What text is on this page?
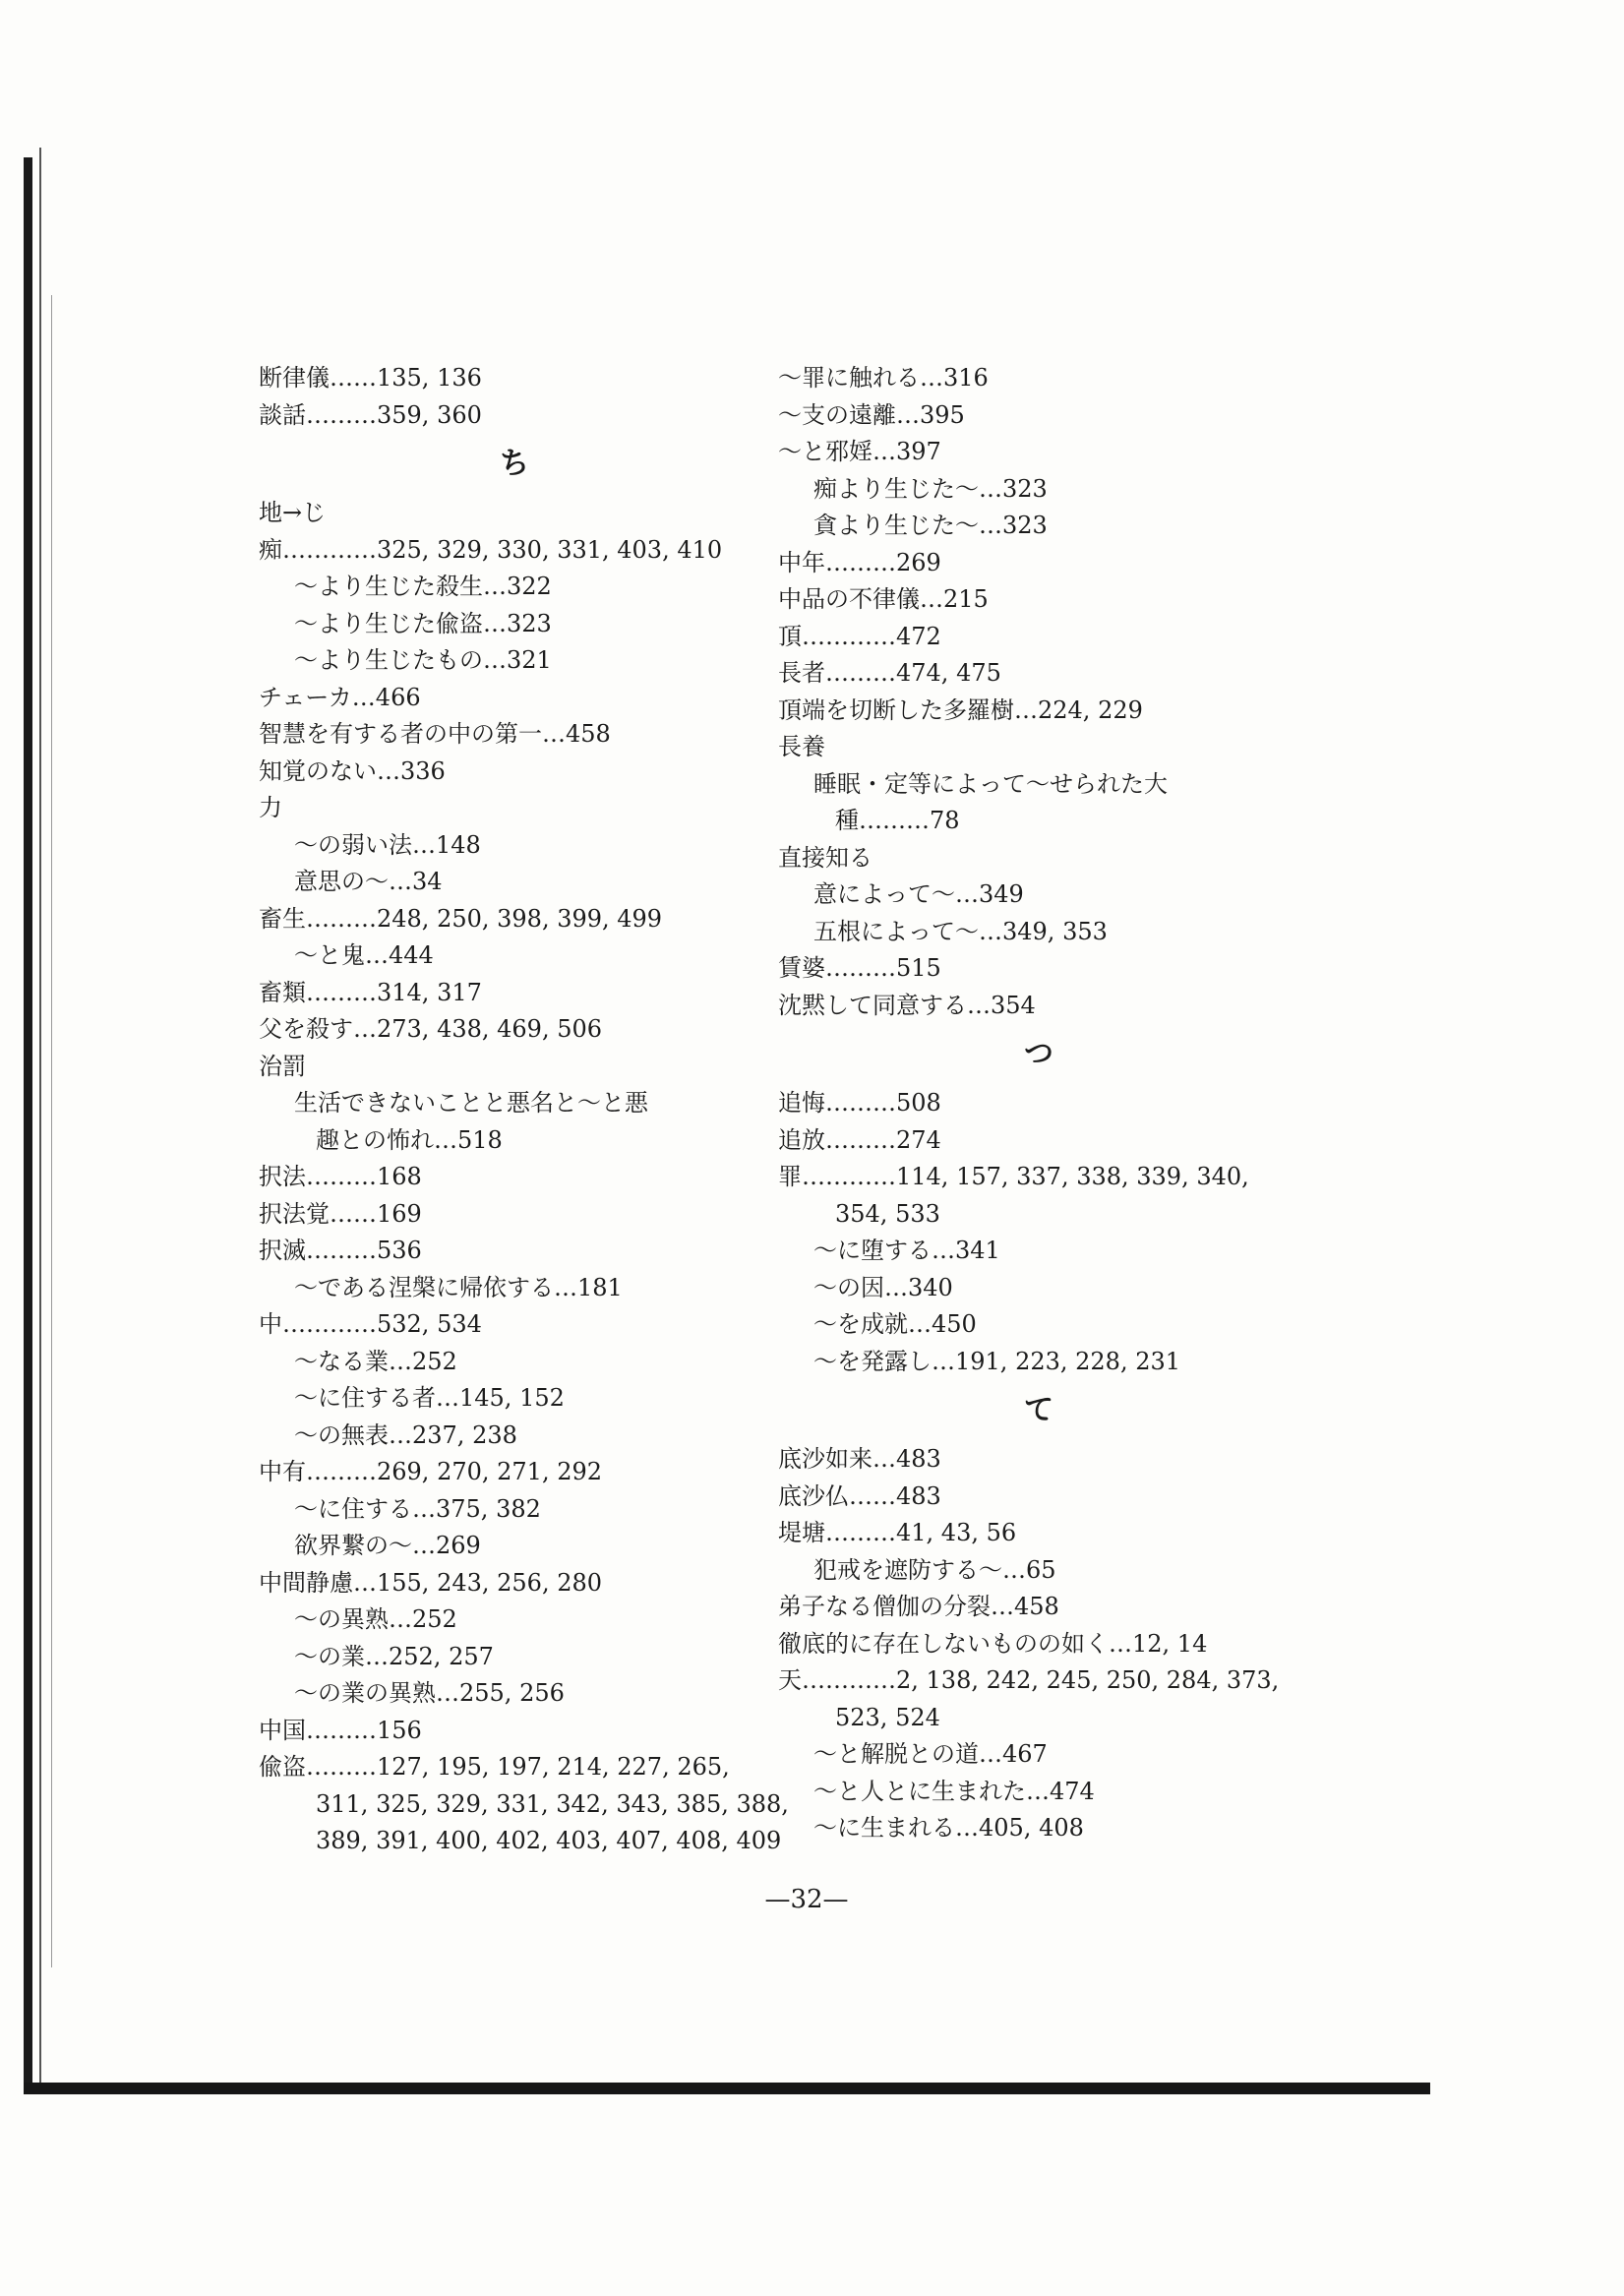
断律儀……135, 136
談話………359, 360
ち
地→じ
痴…………325, 329, 330, 331, 403, 410
～より生じた殺生…322
～より生じた偸盗…323
～より生じたもの…321
チェーカ…466
智慧を有する者の中の第一…458
知覚のない…336
力
～の弱い法…148
意思の～…34
畜生………248, 250, 398, 399, 499
～と鬼…444
畜類………314, 317
父を殺す…273, 438, 469, 506
治罰
生活できないことと悪名と～と悪
趣との怖れ…518
択法………168
択法覚……169
択滅………536
～である涅槃に帰依する…181
中…………532, 534
～なる業…252
～に住する者…145, 152
～の無表…237, 238
中有………269, 270, 271, 292
～に住する…375, 382
欲界繋の～…269
中間静慮…155, 243, 256, 280
～の異熟…252
～の業…252, 257
～の業の異熟…255, 256
中国………156
偸盗………127, 195, 197, 214, 227, 265,
311, 325, 329, 331, 342, 343, 385, 388,
389, 391, 400, 402, 403, 407, 408, 409
～罪に触れる…316
～支の遠離…395
～と邪婬…397
痴より生じた～…323
貪より生じた～…323
中年………269
中品の不律儀…215
頂…………472
長者………474, 475
頂端を切断した多羅樹…224, 229
長養
睡眠・定等によって～せられた大
種………78
直接知る
意によって～…349
五根によって～…349, 353
賃婆………515
沈黙して同意する…354
つ
追悔………508
追放………274
罪…………114, 157, 337, 338, 339, 340,
354, 533
～に堕する…341
～の因…340
～を成就…450
～を発露し…191, 223, 228, 231
て
底沙如来…483
底沙仏……483
堤塘………41, 43, 56
犯戒を遮防する～…65
弟子なる僧伽の分裂…458
徹底的に存在しないものの如く…12, 14
天…………2, 138, 242, 245, 250, 284, 373,
523, 524
～と解脱との道…467
～と人とに生まれた…474
～に生まれる…405, 408
—32—
